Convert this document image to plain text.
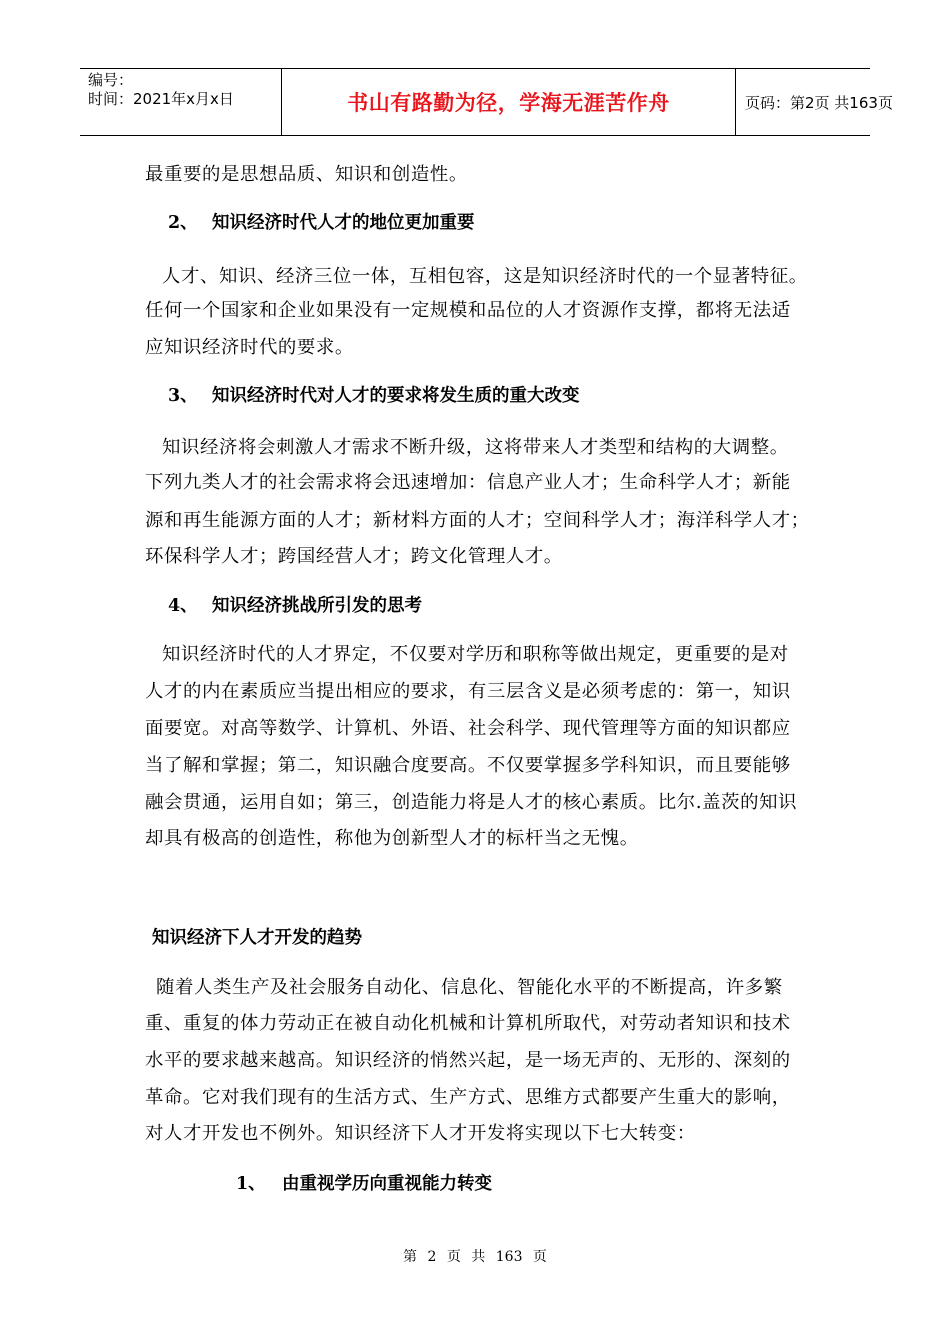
编号：
时间：2021年x月x日	书山有路勤为径，学海无涯苦作舟	页码：第2页 共163页
最重要的是思想品质、知识和创造性。
2、 知识经济时代人才的地位更加重要
人才、知识、经济三位一体，互相包容，这是知识经济时代的一个显著特征。
任何一个国家和企业如果没有一定规模和品位的人才资源作支撑，都将无法适
应知识经济时代的要求。
3、 知识经济时代对人才的要求将发生质的重大改变
知识经济将会刺激人才需求不断升级，这将带来人才类型和结构的大调整。
下列九类人才的社会需求将会迅速增加：信息产业人才；生命科学人才；新能
源和再生能源方面的人才；新材料方面的人才；空间科学人才；海洋科学人才；
环保科学人才；跨国经营人才；跨文化管理人才。
4、 知识经济挑战所引发的思考
知识经济时代的人才界定，不仅要对学历和职称等做出规定，更重要的是对
人才的内在素质应当提出相应的要求，有三层含义是必须考虑的：第一，知识
面要宽。对高等数学、计算机、外语、社会科学、现代管理等方面的知识都应
当了解和掌握；第二，知识融合度要高。不仅要掌握多学科知识，而且要能够
融会贯通，运用自如；第三，创造能力将是人才的核心素质。比尔.盖茨的知识
却具有极高的创造性，称他为创新型人才的标杆当之无愧。
知识经济下人才开发的趋势
随着人类生产及社会服务自动化、信息化、智能化水平的不断提高，许多繁
重、重复的体力劳动正在被自动化机械和计算机所取代，对劳动者知识和技术
水平的要求越来越高。知识经济的悄然兴起，是一场无声的、无形的、深刻的
革命。它对我们现有的生活方式、生产方式、思维方式都要产生重大的影响，
对人才开发也不例外。知识经济下人才开发将实现以下七大转变：
1、 由重视学历向重视能力转变
第 2 页 共 163 页
